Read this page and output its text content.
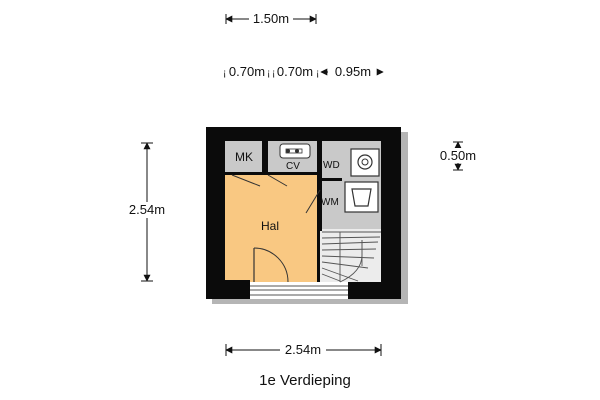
MK
CV WD
WM
Hal
1.50m
¡ 0.70m ¡ ¡ 0.70m ¡ 0.95m
0.50m
2.54m
2.54m
1e Verdieping
